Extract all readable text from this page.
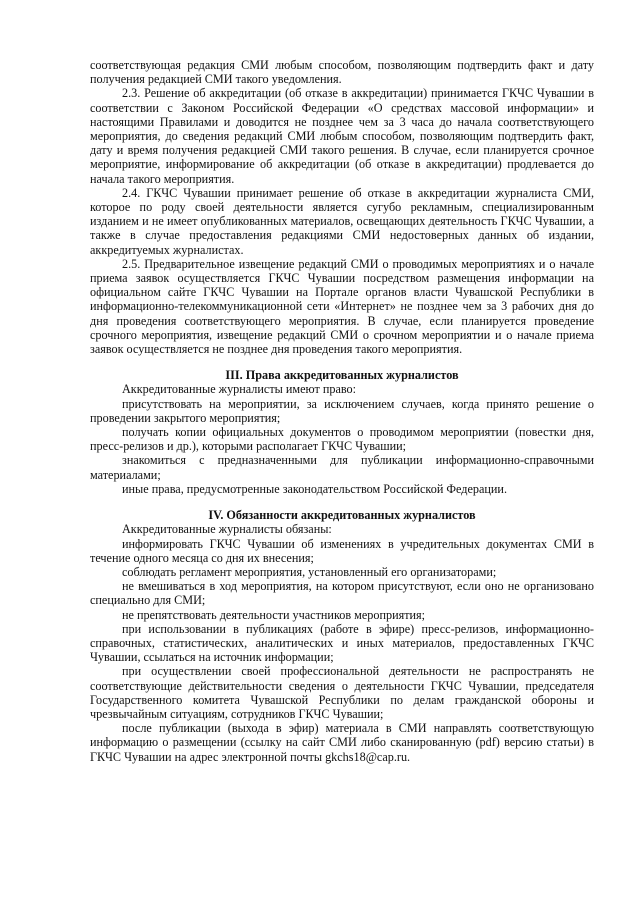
соответствующая редакция СМИ любым способом, позволяющим подтвердить факт и дату получения редакцией СМИ такого уведомления.

2.3. Решение об аккредитации (об отказе в аккредитации) принимается ГКЧС Чувашии в соответствии с Законом Российской Федерации «О средствах массовой информации» и настоящими Правилами и доводится не позднее чем за 3 часа до начала соответствующего мероприятия, до сведения редакций СМИ любым способом, позволяющим подтвердить факт, дату и время получения редакцией СМИ такого решения. В случае, если планируется срочное мероприятие, информирование об аккредитации (об отказе в аккредитации) продлевается до начала такого мероприятия.

2.4. ГКЧС Чувашии принимает решение об отказе в аккредитации журналиста СМИ, которое по роду своей деятельности является сугубо рекламным, специализированным изданием и не имеет опубликованных материалов, освещающих деятельность ГКЧС Чувашии, а также в случае предоставления редакциями СМИ недостоверных данных об издании, аккредитуемых журналистах.

2.5. Предварительное извещение редакций СМИ о проводимых мероприятиях и о начале приема заявок осуществляется ГКЧС Чувашии посредством размещения информации на официальном сайте ГКЧС Чувашии на Портале органов власти Чувашской Республики в информационно-телекоммуникационной сети «Интернет» не позднее чем за 3 рабочих дня до дня проведения соответствующего мероприятия. В случае, если планируется проведение срочного мероприятия, извещение редакций СМИ о срочном мероприятии и о начале приема заявок осуществляется не позднее дня проведения такого мероприятия.

III. Права аккредитованных журналистов

Аккредитованные журналисты имеют право:

присутствовать на мероприятии, за исключением случаев, когда принято решение о проведении закрытого мероприятия;

получать копии официальных документов о проводимом мероприятии (повестки дня, пресс-релизов и др.), которыми располагает ГКЧС Чувашии;

знакомиться с предназначенными для публикации информационно-справочными материалами;

иные права, предусмотренные законодательством Российской Федерации.

IV. Обязанности аккредитованных журналистов

Аккредитованные журналисты обязаны:

информировать ГКЧС Чувашии об изменениях в учредительных документах СМИ в течение одного месяца со дня их внесения;

соблюдать регламент мероприятия, установленный его организаторами;

не вмешиваться в ход мероприятия, на котором присутствуют, если оно не организовано специально для СМИ;

не препятствовать деятельности участников мероприятия;

при использовании в публикациях (работе в эфире) пресс-релизов, информационно-справочных, статистических, аналитических и иных материалов, предоставленных ГКЧС Чувашии, ссылаться на источник информации;

при осуществлении своей профессиональной деятельности не распространять не соответствующие действительности сведения о деятельности ГКЧС Чувашии, председателя Государственного комитета Чувашской Республики по делам гражданской обороны и чрезвычайным ситуациям, сотрудников ГКЧС Чувашии;

после публикации (выхода в эфир) материала в СМИ направлять соответствующую информацию о размещении (ссылку на сайт СМИ либо сканированную (pdf) версию статьи) в ГКЧС Чувашии на адрес электронной почты gkchs18@cap.ru.
